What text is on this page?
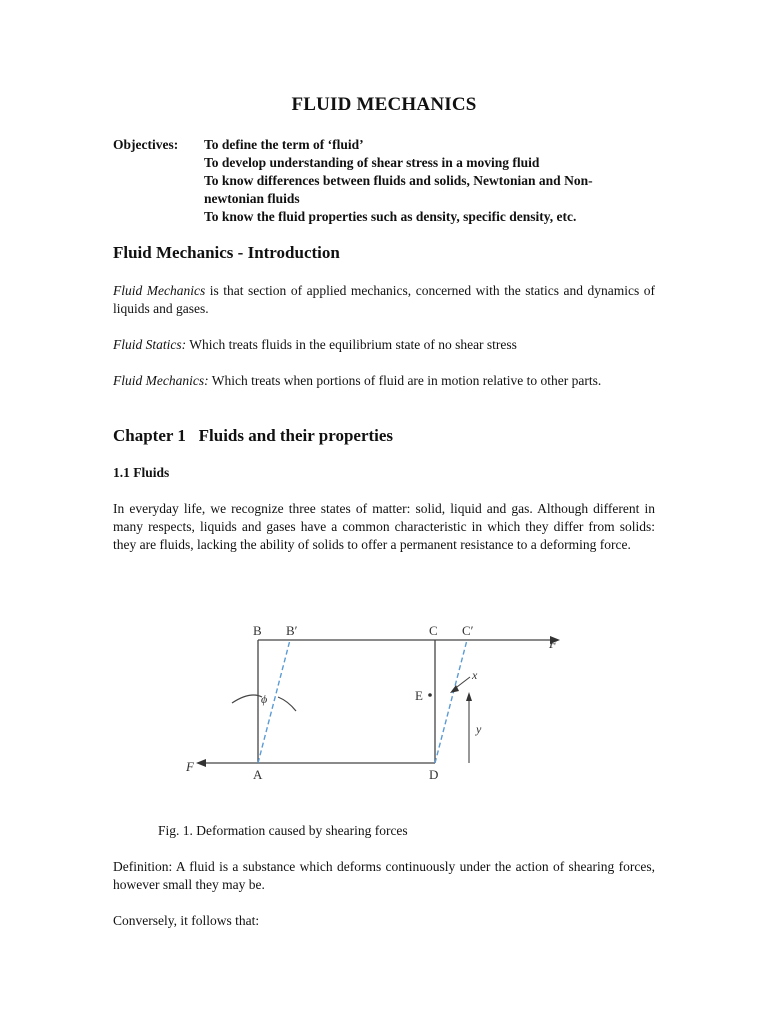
FLUID MECHANICS
Objectives: To define the term of ‘fluid’

To develop understanding of shear stress in a moving fluid

To know differences between fluids and solids, Newtonian and Non-newtonian fluids

To know the fluid properties such as density, specific density, etc.

Fluid Mechanics - Introduction

Fluid Mechanics is that section of applied mechanics, concerned with the statics and dynamics of liquids and gases.

Fluid Statics: Which treats fluids in the equilibrium state of no shear stress

Fluid Mechanics: Which treats when portions of fluid are in motion relative to other parts.

Chapter 1   Fluids and their properties
1.1 Fluids

In everyday life, we recognize three states of matter: solid, liquid and gas. Although different in many respects, liquids and gases have a common characteristic in which they differ from solids: they are fluids, lacking the ability of solids to offer a permanent resistance to a deforming force.

B B′	C C′
F
E
x
y
ϕ
F
A	D
Fig. 1. Deformation caused by shearing forces

Definition: A fluid is a substance which deforms continuously under the action of shearing forces, however small they may be.

Conversely, it follows that:
